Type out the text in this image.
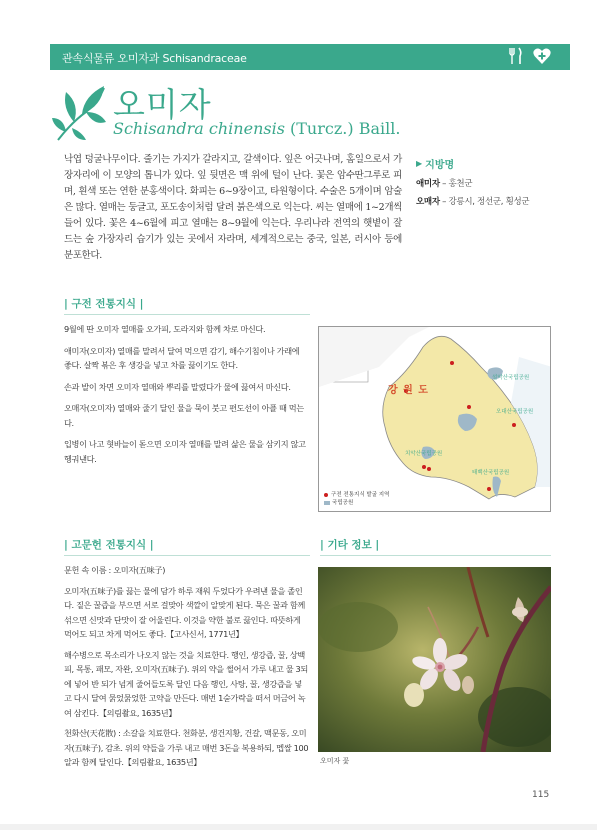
관속식물류 오미자과 Schisandraceae
오미자
Schisandra chinensis (Turcz.) Baill.
낙엽 덩굴나무이다. 줄기는 가지가 갈라지고, 갈색이다. 잎은 어긋나며, 홈일으로서 가장자리에 이 모양의 톱니가 있다. 잎 뒷면은 맥 위에 털이 난다. 꽃은 암수딴그루로 피며, 흰색 또는 연한 분홍색이다. 화피는 6~9장이고, 타원형이다. 수술은 5개이며 암술은 많다. 열매는 둥글고, 포도송이처럼 달려 붉은색으로 익는다. 씨는 열매에 1~2개씩 들어 있다. 꽃은 4~6월에 피고 열매는 8~9월에 익는다. 우리나라 전역의 햇볕이 잘 드는 숲 가장자리 습기가 있는 곳에서 자라며, 세계적으로는 중국, 일본, 러시아 등에 분포한다.
▶ 지방명
애미자 – 홍천군
오매자 – 강릉시, 정선군, 횡성군
| 구전 전통지식 |

9월에 딴 오미자 열매를 오가피, 도라지와 함께 차로 마신다.

애미자(오미자) 열매를 말려서 달여 먹으면 감기, 해수기침이나 가래에 좋다. 살짝 볶은 후 생강을 넣고 차를 끓이기도 한다.

손과 발이 차면 오미자 열매와 뿌리를 말렸다가 물에 끓여서 마신다.

오매자(오미자) 열매와 줄기 달인 물을 묵이 붓고 편도선이 아플 때 먹는다.

입병이 나고 혓바늘이 돋으면 오미자 열매를 말려 삶은 물을 삼키지 않고 헹궈낸다.

설악산국립공원
오대산국립공원
치악산국립공원
태백산국립공원
강 원 도
구전 전통지식 발굴 지역
국립공원
| 고문헌 전통지식 |

문헌 속 이름 : 오미자(五味子)

오미자(五味子)를 끓는 물에 담가 하루 재워 두었다가 우려낸 물을 졸인다. 짙은 꿀즙을 부으면 서로 걸맞아 색깔이 알맞게 된다. 묵은 꿀과 함께 섞으면 신맛과 단맛이 잘 어울린다. 이것을 약한 불로 끓인다. 따뜻하게 먹어도 되고 차게 먹어도 좋다.【고사신서, 1771년】

해수병으로 목소리가 나오지 않는 것을 치료한다. 행인, 생강즙, 꿀, 상백피, 목통, 패모, 자완, 오미자(五味子). 위의 약을 썰어서 가루 내고 물 3되에 넣어 반 되가 넘게 줄어들도록 달인 다음 행인, 사탕, 꿀, 생강즙을 넣고 다시 달여 묽었묽었한 고약을 만든다. 매번 1숟가락을 떠서 머금어 녹여 삼킨다.【의림촬요, 1635년】

천화산(天花散) : 소갈을 치료한다. 천화분, 생건지황, 건갈, 맥문동, 오미자(五味子), 감초. 위의 약들을 가루 내고 매번 3돈을 복용하되, 멥쌀 100알과 함께 달인다.【의림촬요, 1635년】

| 기타 정보 |
오미자 꽃
115
